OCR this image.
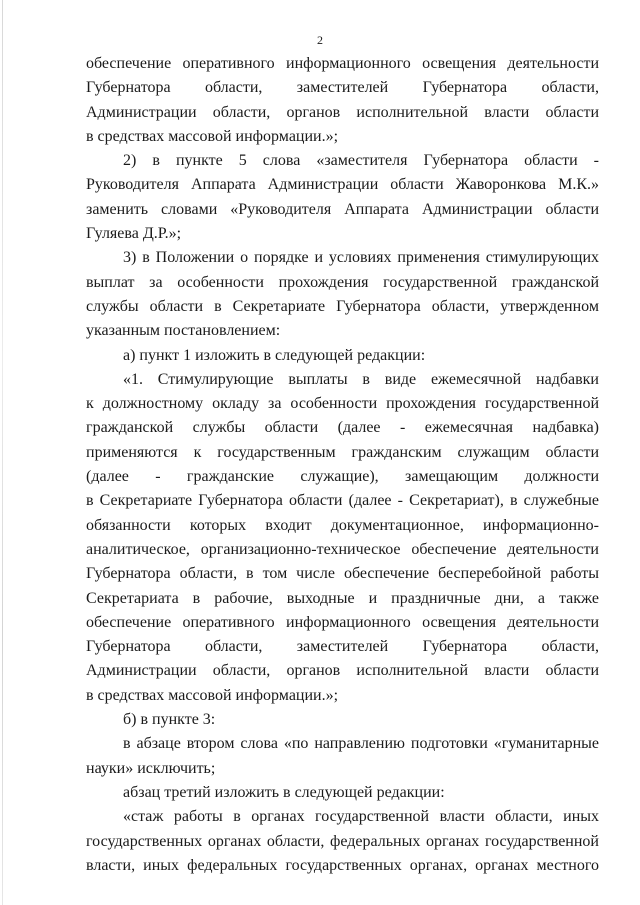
2
обеспечение оперативного информационного освещения деятельности
Губернатора области, заместителей Губернатора области,
Администрации области, органов исполнительной власти области
в средствах массовой информации.»;
2) в пункте 5 слова «заместителя Губернатора области -
Руководителя Аппарата Администрации области Жаворонкова М.К.»
заменить словами «Руководителя Аппарата Администрации области
Гуляева Д.Р.»;
3) в Положении о порядке и условиях применения стимулирующих
выплат за особенности прохождения государственной гражданской
службы области в Секретариате Губернатора области, утвержденном
указанным постановлением:
а) пункт 1 изложить в следующей редакции:
«1. Стимулирующие выплаты в виде ежемесячной надбавки
к должностному окладу за особенности прохождения государственной
гражданской службы области (далее - ежемесячная надбавка)
применяются к государственным гражданским служащим области
(далее - гражданские служащие), замещающим должности
в Секретариате Губернатора области (далее - Секретариат), в служебные
обязанности которых входит документационное, информационно-
аналитическое, организационно-техническое обеспечение деятельности
Губернатора области, в том числе обеспечение бесперебойной работы
Секретариата в рабочие, выходные и праздничные дни, а также
обеспечение оперативного информационного освещения деятельности
Губернатора области, заместителей Губернатора области,
Администрации области, органов исполнительной власти области
в средствах массовой информации.»;
б) в пункте 3:
в абзаце втором слова «по направлению подготовки «гуманитарные
науки» исключить;
абзац третий изложить в следующей редакции:
«стаж работы в органах государственной власти области, иных
государственных органах области, федеральных органах государственной
власти, иных федеральных государственных органах, органах местного
